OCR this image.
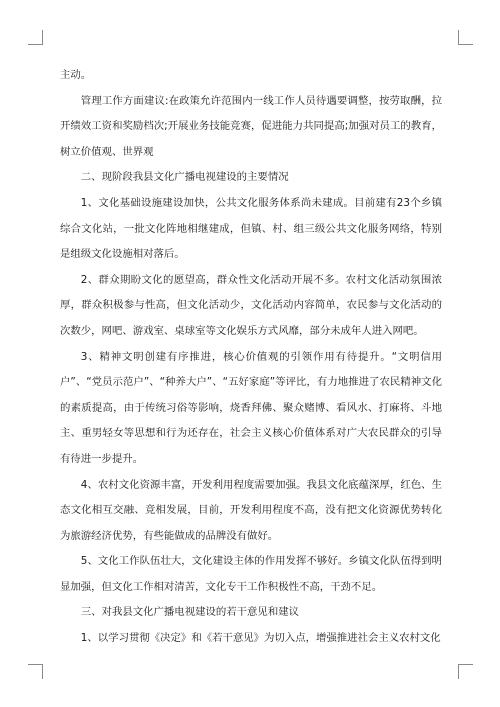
主动。

管理工作方面建议:在政策允许范围内一线工作人员待遇要调整，按劳取酬，拉开绩效工资和奖励档次;开展业务技能竞赛，促进能力共同提高;加强对员工的教育，树立价值观、世界观

二、现阶段我县文化广播电视建设的主要情况

1、文化基础设施建设加快，公共文化服务体系尚未建成。目前建有23个乡镇综合文化站，一批文化阵地相继建成，但镇、村、组三级公共文化服务网络，特别是组级文化设施相对落后。

2、群众期盼文化的愿望高，群众性文化活动开展不多。农村文化活动氛围浓厚，群众积极参与性高，但文化活动少，文化活动内容简单，农民参与文化活动的次数少，网吧、游戏室、桌球室等文化娱乐方式风靡，部分未成年人进入网吧。

3、精神文明创建有序推进，核心价值观的引领作用有待提升。“文明信用户”、“党员示范户”、“种养大户”、“五好家庭”等评比，有力地推进了农民精神文化的素质提高，由于传统习俗等影响，烧香拜佛、聚众赌博、看风水、打麻将、斗地主、重男轻女等思想和行为还存在，社会主义核心价值体系对广大农民群众的引导有待进一步提升。

4、农村文化资源丰富，开发利用程度需要加强。我县文化底蕴深厚，红色、生态文化相互交融、竞相发展，目前，开发利用程度不高，没有把文化资源优势转化为旅游经济优势，有些能做成的品牌没有做好。

5、文化工作队伍壮大，文化建设主体的作用发挥不够好。乡镇文化队伍得到明显加强，但文化工作相对清苦，文化专干工作积极性不高，干劲不足。

三、对我县文化广播电视建设的若干意见和建议

1、以学习贯彻《决定》和《若干意见》为切入点，增强推进社会主义农村文化
